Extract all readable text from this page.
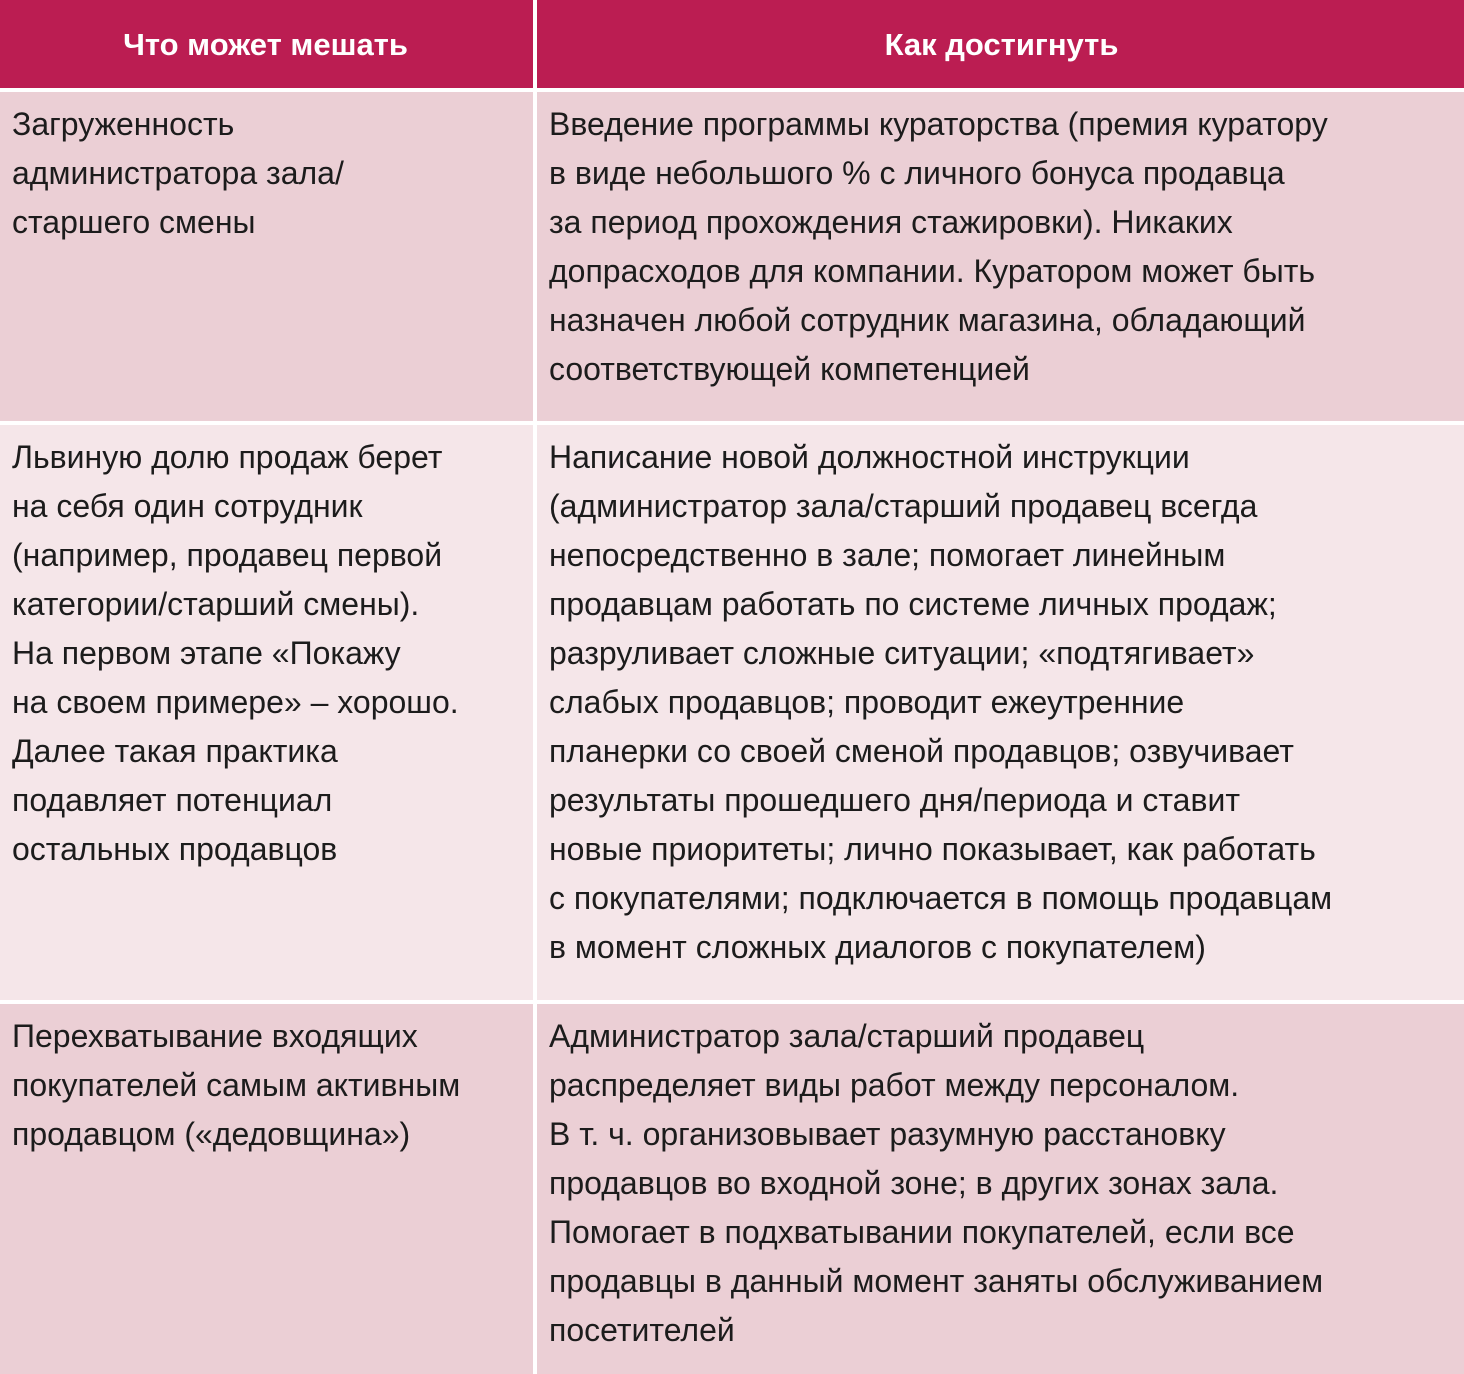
Что может мешать	Как достигнуть
Загруженность
администратора зала/
старшего смены
Введение программы кураторства (премия куратору
в виде небольшого % с личного бонуса продавца
за период прохождения стажировки). Никаких
допрасходов для компании. Куратором может быть
назначен любой сотрудник магазина, обладающий
соответствующей компетенцией
Львиную долю продаж берет
на себя один сотрудник
(например, продавец первой
категории/старший смены).
На первом этапе «Покажу
на своем примере» – хорошо.
Далее такая практика
подавляет потенциал
остальных продавцов
Написание новой должностной инструкции
(администратор зала/старший продавец всегда
непосредственно в зале; помогает линейным
продавцам работать по системе личных продаж;
разруливает сложные ситуации; «подтягивает»
слабых продавцов; проводит ежеутренние
планерки со своей сменой продавцов; озвучивает
результаты прошедшего дня/периода и ставит
новые приоритеты; лично показывает, как работать
с покупателями; подключается в помощь продавцам
в момент сложных диалогов с покупателем)
Перехватывание входящих
покупателей самым активным
продавцом («дедовщина»)
Администратор зала/старший продавец
распределяет виды работ между персоналом.
В т. ч. организовывает разумную расстановку
продавцов во входной зоне; в других зонах зала.
Помогает в подхватывании покупателей, если все
продавцы в данный момент заняты обслуживанием
посетителей
